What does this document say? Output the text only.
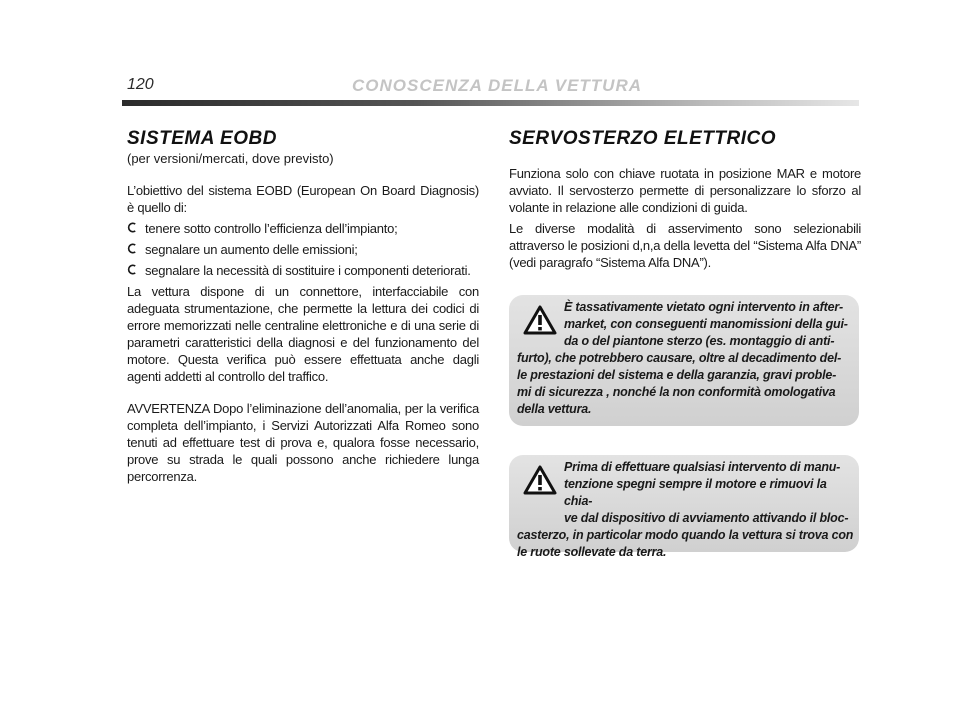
120	CONOSCENZA DELLA VETTURA
SISTEMA EOBD
(per versioni/mercati, dove previsto)

L’obiettivo del sistema EOBD (European On Board Diagnosis) è quello di:

tenere sotto controllo l’efficienza dell’impianto;
segnalare un aumento delle emissioni;
segnalare la necessità di sostituire i componenti deteriorati.

La vettura dispone di un connettore, interfacciabile con adeguata strumentazione, che permette la lettura dei codici di errore memorizzati nelle centraline elettroniche e di una serie di parametri caratteristici della diagnosi e del funzionamento del motore. Questa verifica può essere effettuata anche dagli agenti addetti al controllo del traffico.

AVVERTENZA Dopo l’eliminazione dell’anomalia, per la verifica completa dell’impianto, i Servizi Autorizzati Alfa Romeo sono tenuti ad effettuare test di prova e, qualora fosse necessario, prove su strada le quali possono anche richiedere lunga percorrenza.

SERVOSTERZO ELETTRICO

Funziona solo con chiave ruotata in posizione MAR e motore avviato. Il servosterzo permette di personalizzare lo sforzo al volante in relazione alle condizioni di guida.

Le diverse modalità di asservimento sono selezionabili attraverso le posizioni d,n,a della levetta del “Sistema Alfa DNA” (vedi paragrafo “Sistema Alfa DNA”).

È tassativamente vietato ogni intervento in after-
market, con conseguenti manomissioni della gui-
da o del piantone sterzo (es. montaggio di anti-
furto), che potrebbero causare, oltre al decadimento del-
le prestazioni del sistema e della garanzia, gravi proble-
mi di sicurezza , nonché la non conformità omologativa
della vettura.
Prima di effettuare qualsiasi intervento di manu-
tenzione spegni sempre il motore e rimuovi la chia-
ve dal dispositivo di avviamento attivando il bloc-
casterzo, in particolar modo quando la vettura si trova con
le ruote sollevate da terra.
